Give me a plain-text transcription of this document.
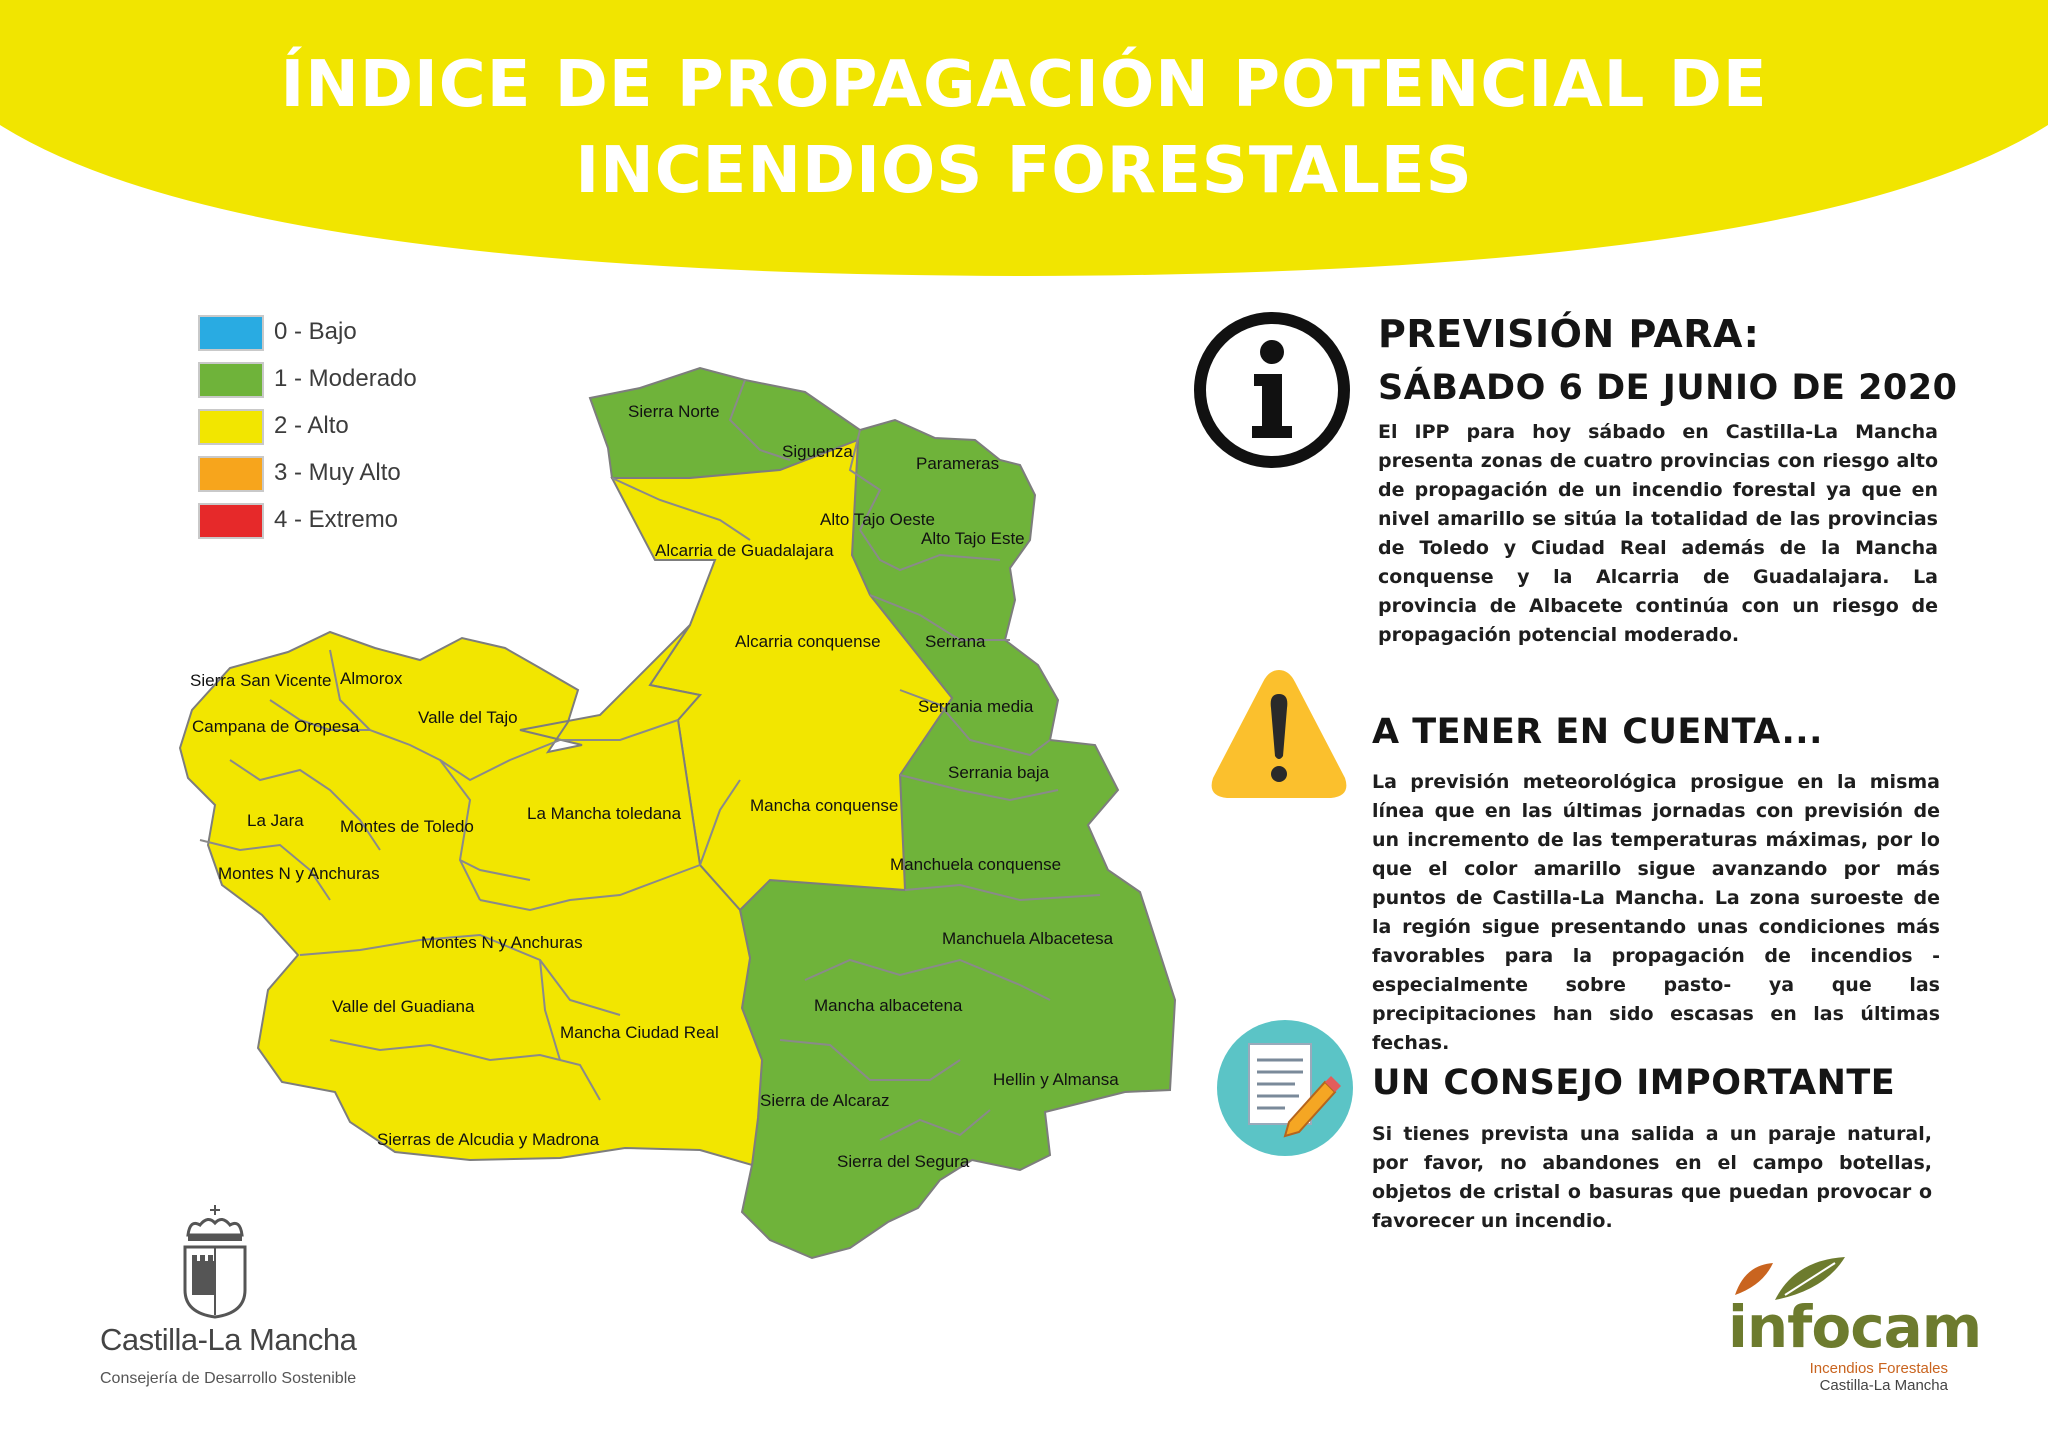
ÍNDICE DE PROPAGACIÓN POTENCIAL DE
INCENDIOS FORESTALES
0 - Bajo
1 - Moderado
2 - Alto
3 - Muy Alto
4 - Extremo
Sierra Norte
Siguenza
Parameras
Alto Tajo Oeste
Alto Tajo Este
Alcarria de Guadalajara
Alcarria conquense	Serrana
Sierra San Vicente Almorox
Valle del Tajo
Campana de Oropesa
Serrania media
Serrania baja
La Jara Montes de Toledo
La Mancha toledana	Mancha conquense
Montes N y Anchuras	Manchuela conquense
Montes N y Anchuras	Manchuela Albacetesa
Valle del Guadiana	Mancha albacetena
Mancha Ciudad Real
Hellin y Almansa
Sierra de Alcaraz
Sierras de Alcudia y Madrona
Sierra del Segura
PREVISIÓN PARA:
SÁBADO 6 DE JUNIO DE 2020
El IPP para hoy sábado en Castilla-La Mancha presenta zonas de cuatro provincias con riesgo alto de propagación de un incendio forestal ya que en nivel amarillo se sitúa la totalidad de las provincias de Toledo y Ciudad Real además de la Mancha conquense y la Alcarria de Guadalajara. La provincia de Albacete continúa con un riesgo de propagación potencial moderado.
A TENER EN CUENTA...
La previsión meteorológica prosigue en la misma línea que en las últimas jornadas con previsión de un incremento de las temperaturas máximas, por lo que el color amarillo sigue avanzando por más puntos de Castilla-La Mancha. La zona suroeste de la región sigue presentando unas condiciones más favorables para la propagación de incendios -especialmente sobre pasto- ya que las precipitaciones han sido escasas en las últimas fechas.
UN CONSEJO IMPORTANTE
Si tienes prevista una salida a un paraje natural, por favor, no abandones en el campo botellas, objetos de cristal o basuras que puedan provocar o favorecer un incendio.
Castilla-La Mancha
Consejería de Desarrollo Sostenible
infocam
Incendios Forestales
Castilla-La Mancha
